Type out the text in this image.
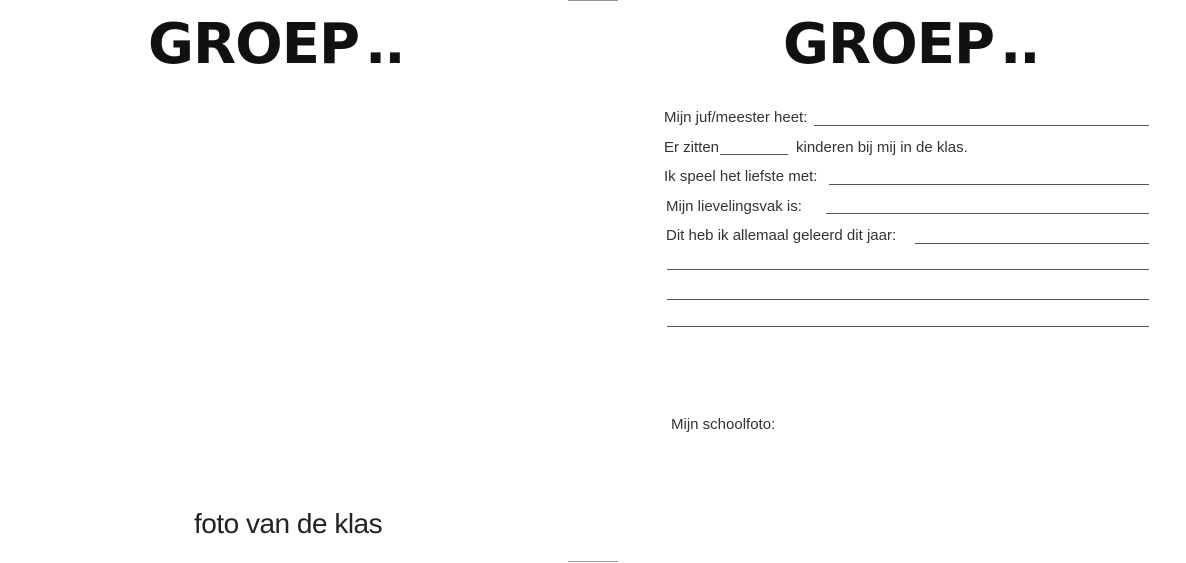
GROEP ..
foto van de klas
GROEP ..
Mijn juf/meester heet:
Er zitten	kinderen bij mij in de klas.
Ik speel het liefste met:
Mijn lievelingsvak is:
Dit heb ik allemaal geleerd dit jaar:
Mijn schoolfoto:
